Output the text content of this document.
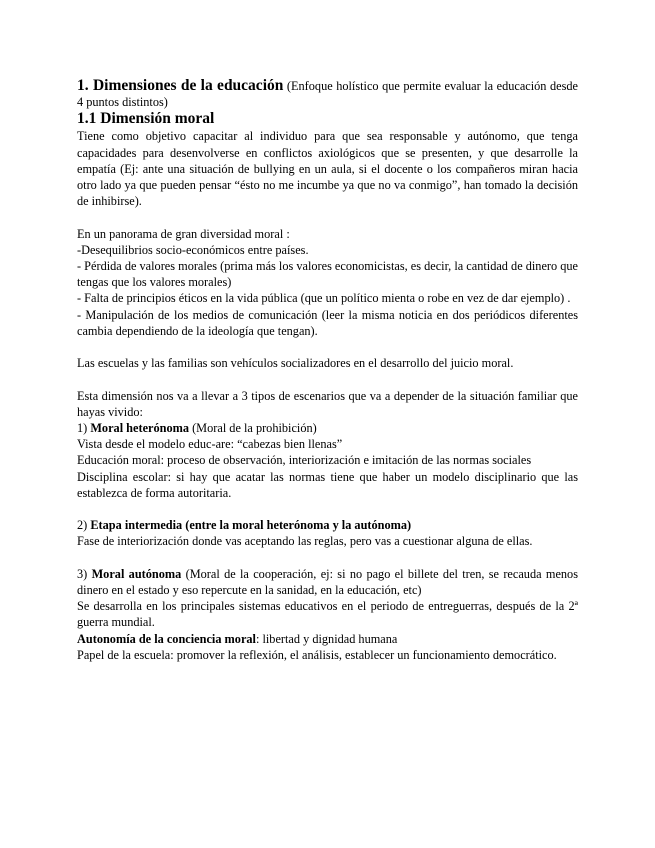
1. Dimensiones de la educación (Enfoque holístico que permite evaluar la educación desde 4 puntos distintos)

1.1 Dimensión moral

Tiene como objetivo capacitar al individuo para que sea responsable y autónomo, que tenga capacidades para desenvolverse en conflictos axiológicos que se presenten, y que desarrolle la empatía (Ej: ante una situación de bullying en un aula, si el docente o los compañeros miran hacia otro lado ya que pueden pensar “ésto no me incumbe ya que no va conmigo”, han tomado la decisión de inhibirse).

En un panorama de gran diversidad moral :

-Desequilibrios socio-económicos entre países.

- Pérdida de valores morales (prima más los valores economicistas, es decir, la cantidad de dinero que tengas que los valores morales)

- Falta de principios éticos en la vida pública (que un político mienta o robe en vez de dar ejemplo) .

- Manipulación de los medios de comunicación (leer la misma noticia en dos periódicos diferentes cambia dependiendo de la ideología que tengan).

Las escuelas y las familias son vehículos socializadores en el desarrollo del juicio moral.

Esta dimensión nos va a llevar a 3 tipos de escenarios que va a depender de la situación familiar que hayas vivido:

1) Moral heterónoma (Moral de la prohibición)

Vista desde el modelo educ-are: “cabezas bien llenas”

Educación moral: proceso de observación, interiorización e imitación de las normas sociales

Disciplina escolar: si hay que acatar las normas tiene que haber un modelo disciplinario que las establezca de forma autoritaria.

2) Etapa intermedia (entre la moral heterónoma y la autónoma)

Fase de interiorización donde vas aceptando las reglas, pero vas a cuestionar alguna de ellas.

3) Moral autónoma (Moral de la cooperación, ej: si no pago el billete del tren, se recauda menos dinero en el estado y eso repercute en la sanidad, en la educación, etc)

Se desarrolla en los principales sistemas educativos en el periodo de entreguerras, después de la 2ª guerra mundial.

Autonomía de la conciencia moral: libertad y dignidad humana

Papel de la escuela: promover la reflexión, el análisis, establecer un funcionamiento democrático.
